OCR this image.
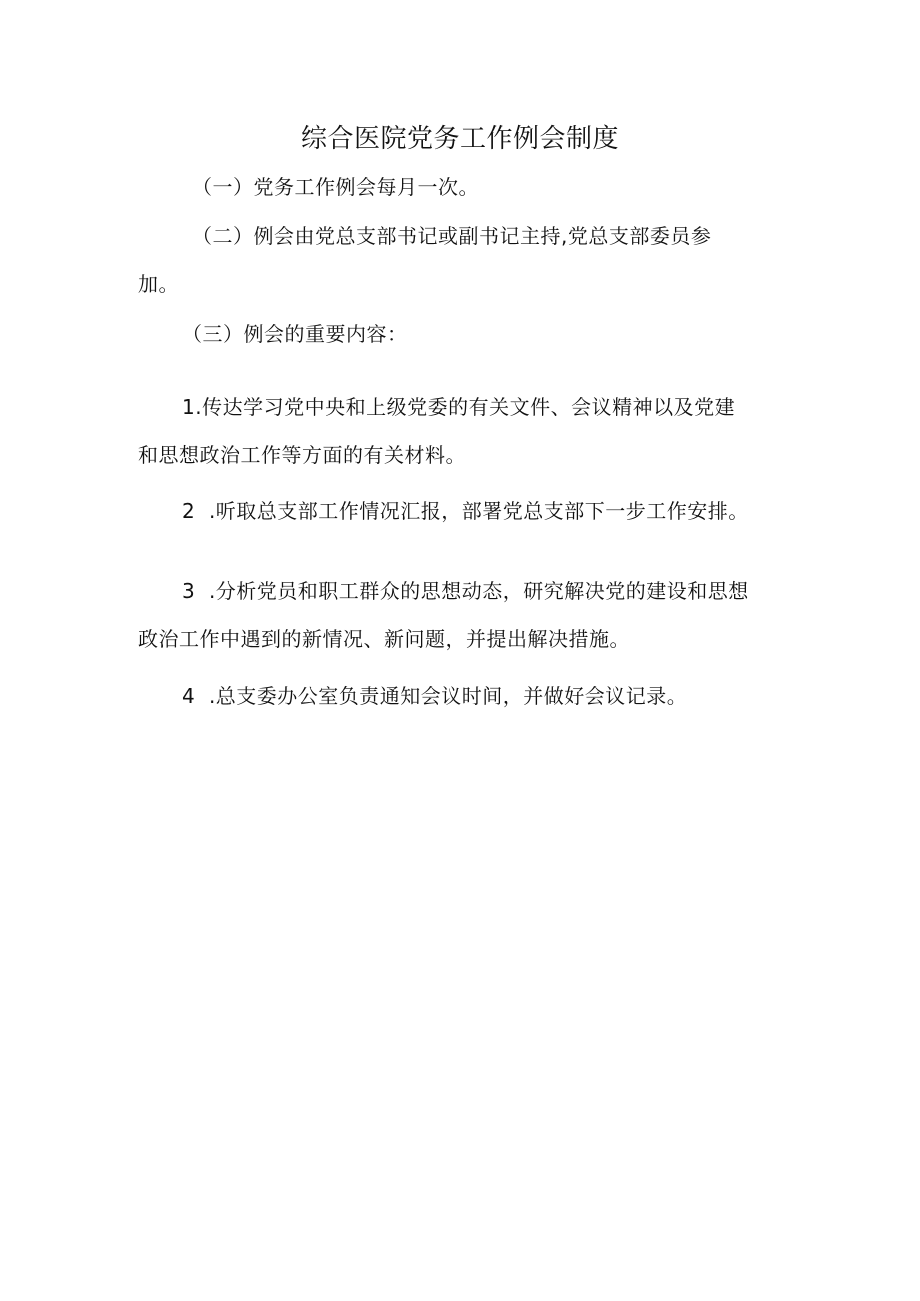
综合医院党务工作例会制度
（一）党务工作例会每月一次。
（二）例会由党总支部书记或副书记主持,党总支部委员参
加。
（三）例会的重要内容：
1.传达学习党中央和上级党委的有关文件、会议精神以及党建
和思想政治工作等方面的有关材料。
2  .听取总支部工作情况汇报，部署党总支部下一步工作安排。
3  .分析党员和职工群众的思想动态，研究解决党的建设和思想
政治工作中遇到的新情况、新问题，并提出解决措施。
4  .总支委办公室负责通知会议时间，并做好会议记录。
